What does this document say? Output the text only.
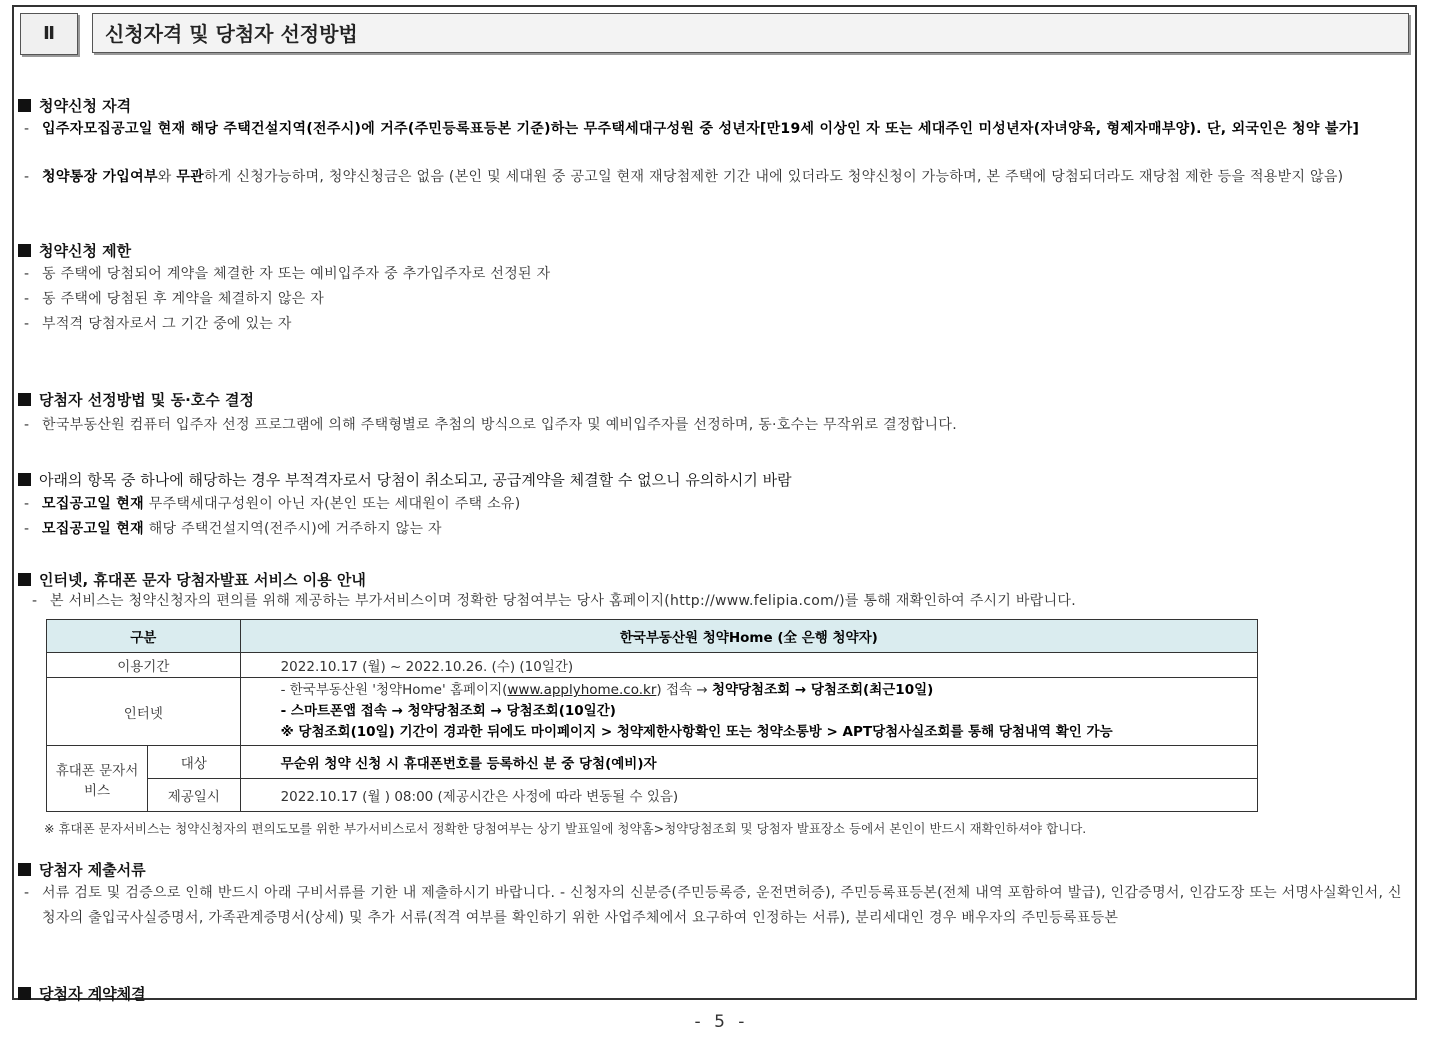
Ⅱ	신청자격 및 당첨자 선정방법
청약신청 자격
- 입주자모집공고일 현재 해당 주택건설지역(전주시)에 거주(주민등록표등본 기준)하는 무주택세대구성원 중 성년자[만19세 이상인 자 또는 세대주인 미성년자(자녀양육, 형제자매부양). 단, 외국인은 청약 불가]
- 청약통장 가입여부와 무관하게 신청가능하며, 청약신청금은 없음 (본인 및 세대원 중 공고일 현재 재당첨제한 기간 내에 있더라도 청약신청이 가능하며, 본 주택에 당첨되더라도 재당첨 제한 등을 적용받지 않음)
청약신청 제한
- 동 주택에 당첨되어 계약을 체결한 자 또는 예비입주자 중 추가입주자로 선정된 자
- 동 주택에 당첨된 후 계약을 체결하지 않은 자
- 부적격 당첨자로서 그 기간 중에 있는 자
당첨자 선정방법 및 동·호수 결정
- 한국부동산원 컴퓨터 입주자 선정 프로그램에 의해 주택형별로 추첨의 방식으로 입주자 및 예비입주자를 선정하며, 동·호수는 무작위로 결정합니다.
아래의 항목 중 하나에 해당하는 경우 부적격자로서 당첨이 취소되고, 공급계약을 체결할 수 없으니 유의하시기 바람
- 모집공고일 현재 무주택세대구성원이 아닌 자(본인 또는 세대원이 주택 소유)
- 모집공고일 현재 해당 주택건설지역(전주시)에 거주하지 않는 자
인터넷, 휴대폰 문자 당첨자발표 서비스 이용 안내
- 본 서비스는 청약신청자의 편의를 위해 제공하는 부가서비스이며 정확한 당첨여부는 당사 홈페이지(http://www.felipia.com/)를 통해 재확인하여 주시기 바랍니다.
구분		한국부동산원 청약Home (全 은행 청약자)
이용기간		2022.10.17 (월) ~ 2022.10.26. (수) (10일간)
인터넷		- 한국부동산원 '청약Home' 홈페이지(www.applyhome.co.kr) 접속 → 청약당첨조회 → 당첨조회(최근10일)
- 스마트폰앱 접속 → 청약당첨조회 → 당첨조회(10일간)
※ 당첨조회(10일) 기간이 경과한 뒤에도 마이페이지 > 청약제한사항확인 또는 청약소통방 > APT당첨사실조회를 통해 당첨내역 확인 가능

휴대폰 문자서비스	대상	무순위 청약 신청 시 휴대폰번호를 등록하신 분 중 당첨(예비)자
	제공일시	2022.10.17 (월 ) 08:00 (제공시간은 사정에 따라 변동될 수 있음)
※ 휴대폰 문자서비스는 청약신청자의 편의도모를 위한 부가서비스로서 정확한 당첨여부는 상기 발표일에 청약홈>청약당첨조회 및 당첨자 발표장소 등에서 본인이 반드시 재확인하셔야 합니다.
당첨자 제출서류
- 서류 검토 및 검증으로 인해 반드시 아래 구비서류를 기한 내 제출하시기 바랍니다. - 신청자의 신분증(주민등록증, 운전면허증), 주민등록표등본(전체 내역 포함하여 발급), 인감증명서, 인감도장 또는 서명사실확인서, 신청자의 출입국사실증명서, 가족관계증명서(상세) 및 추가 서류(적격 여부를 확인하기 위한 사업주체에서 요구하여 인정하는 서류), 분리세대인 경우 배우자의 주민등록표등본
당첨자 계약체결
- 5 -
